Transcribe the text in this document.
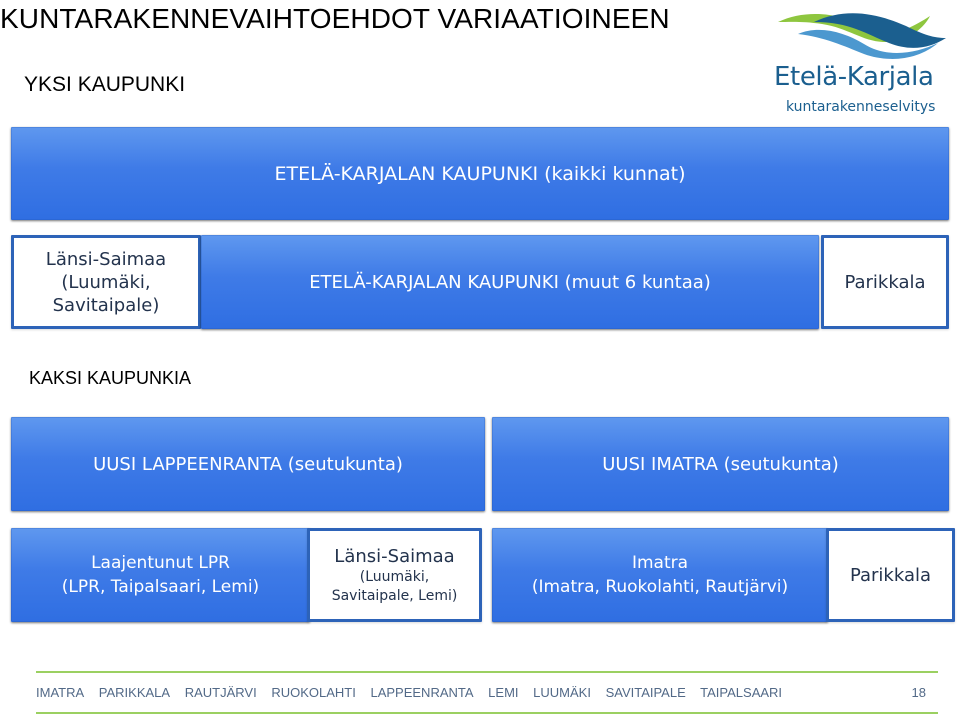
KUNTARAKENNEVAIHTOEHDOT VARIAATIOINEEN
Etelä-Karjala
kuntarakenneselvitys
YKSI KAUPUNKI
ETELÄ-KARJALAN KAUPUNKI (kaikki kunnat)
Länsi-Saimaa
(Luumäki,
Savitaipale)
ETELÄ-KARJALAN KAUPUNKI (muut 6 kuntaa)	Parikkala
KAKSI KAUPUNKIA
UUSI LAPPEENRANTA (seutukunta)	UUSI IMATRA (seutukunta)
Laajentunut LPR
(LPR, Taipalsaari, Lemi)
Länsi-Saimaa
(Luumäki,
Savitaipale, Lemi)
Imatra
(Imatra, Ruokolahti, Rautjärvi)
Parikkala
IMATRA PARIKKALA RAUTJÄRVI RUOKOLAHTI LAPPEENRANTA LEMI LUUMÄKI SAVITAIPALE TAIPALSAARI	18
